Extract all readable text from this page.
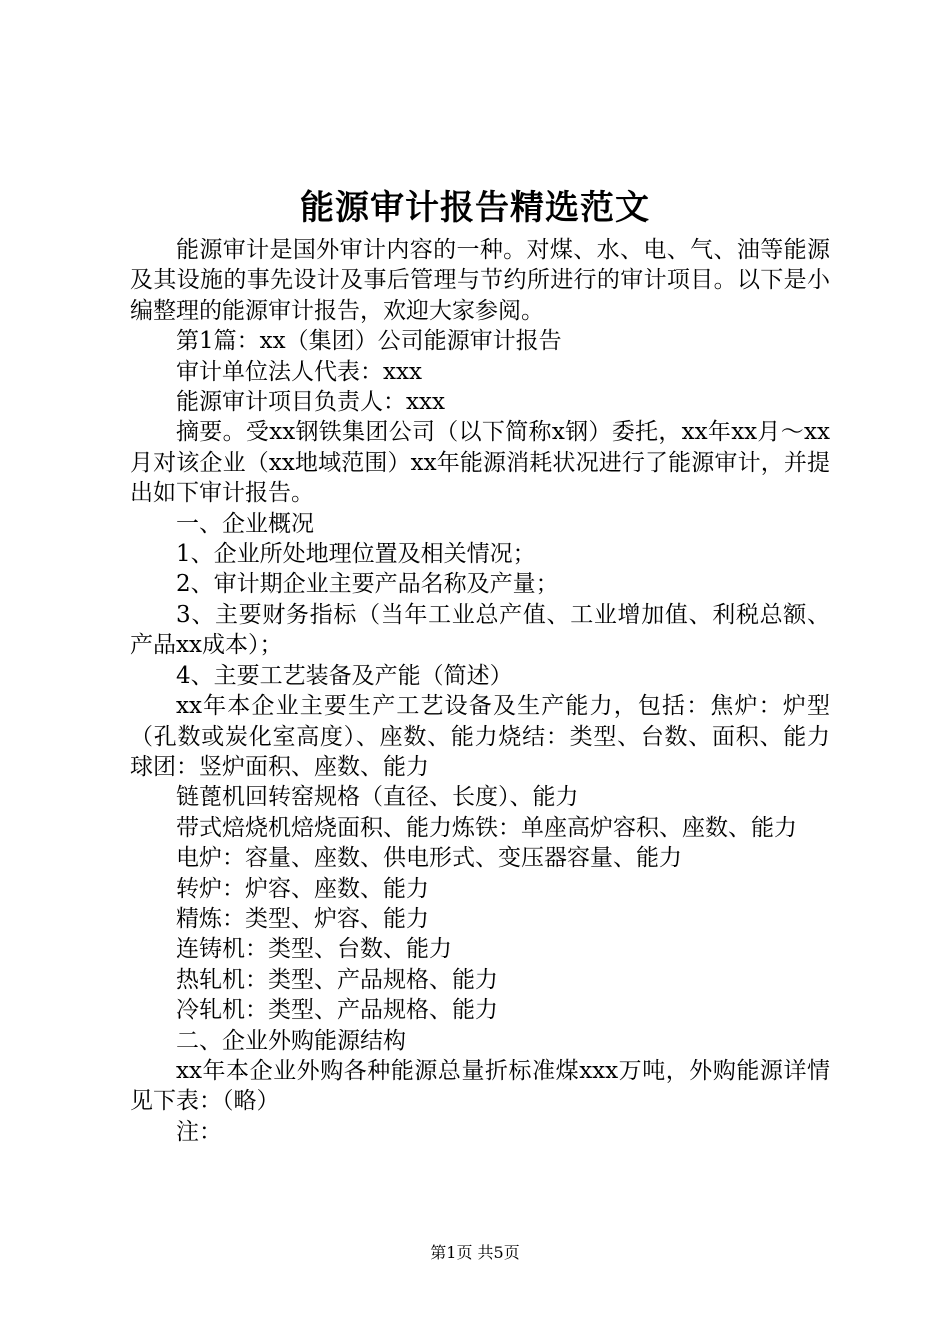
能源审计报告精选范文

能源审计是国外审计内容的一种。对煤、水、电、气、油等能源及其设施的事先设计及事后管理与节约所进行的审计项目。以下是小编整理的能源审计报告，欢迎大家参阅。

第1篇：xx（集团）公司能源审计报告

审计单位法人代表：xxx

能源审计项目负责人：xxx

摘要。受xx钢铁集团公司（以下简称x钢）委托，xx年xx月～xx月对该企业（xx地域范围）xx年能源消耗状况进行了能源审计，并提出如下审计报告。

一、企业概况

1、企业所处地理位置及相关情况；

2、审计期企业主要产品名称及产量；

3、主要财务指标（当年工业总产值、工业增加值、利税总额、产品xx成本）；

4、主要工艺装备及产能（简述）

xx年本企业主要生产工艺设备及生产能力，包括：焦炉：炉型（孔数或炭化室高度）、座数、能力烧结：类型、台数、面积、能力球团：竖炉面积、座数、能力

链蓖机回转窑规格（直径、长度）、能力

带式焙烧机焙烧面积、能力炼铁：单座高炉容积、座数、能力

电炉：容量、座数、供电形式、变压器容量、能力

转炉：炉容、座数、能力

精炼：类型、炉容、能力

连铸机：类型、台数、能力

热轧机：类型、产品规格、能力

冷轧机：类型、产品规格、能力

二、企业外购能源结构

xx年本企业外购各种能源总量折标准煤xxx万吨，外购能源详情见下表：（略）

注：

第1页 共5页
